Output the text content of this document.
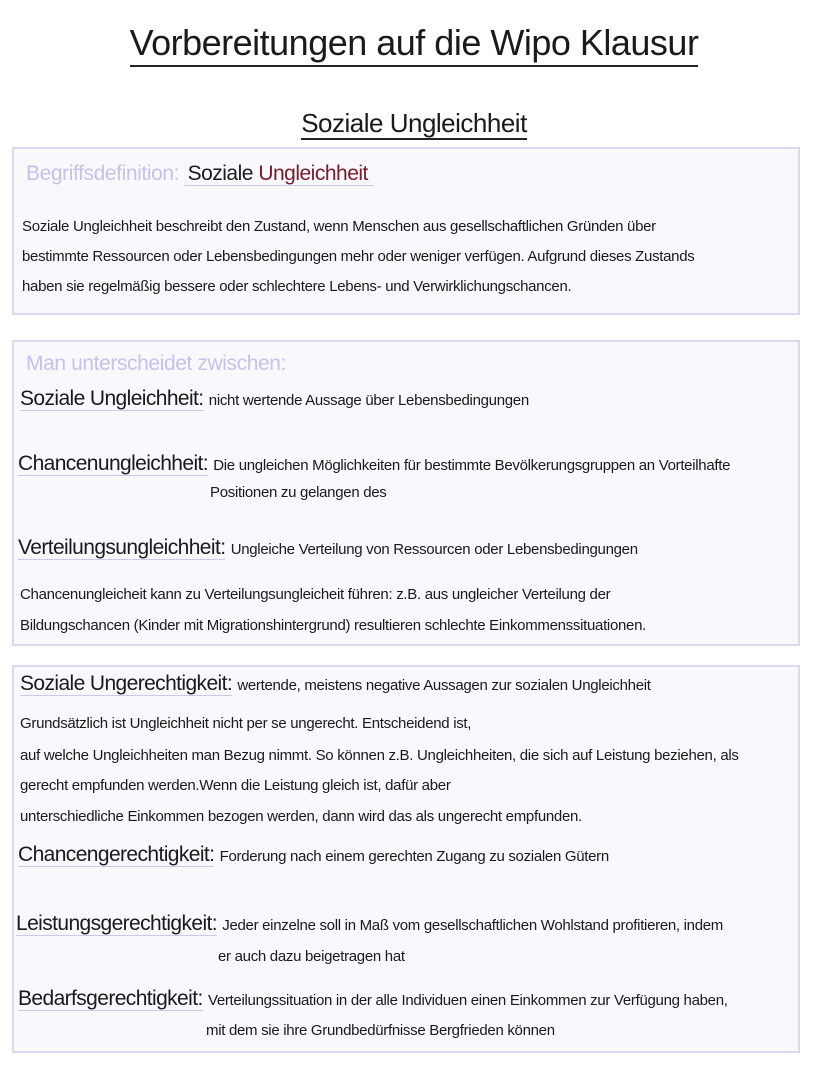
Vorbereitungen auf die Wipo Klausur
Soziale Ungleichheit
Begriffsdefinition: Soziale Ungleichheit
Soziale Ungleichheit beschreibt den Zustand, wenn Menschen aus gesellschaftlichen Gründen über
bestimmte Ressourcen oder Lebensbedingungen mehr oder weniger verfügen. Aufgrund dieses Zustands
haben sie regelmäßig bessere oder schlechtere Lebens- und Verwirklichungschancen.
Man unterscheidet zwischen:
Soziale Ungleichheit: nicht wertende Aussage über Lebensbedingungen
Chancenungleichheit: Die ungleichen Möglichkeiten für bestimmte Bevölkerungsgruppen an Vorteilhafte
Positionen zu gelangen des
Verteilungsungleichheit: Ungleiche Verteilung von Ressourcen oder Lebensbedingungen
Chancenungleicheit kann zu Verteilungsungleicheit führen: z.B. aus ungleicher Verteilung der
Bildungschancen (Kinder mit Migrationshintergrund) resultieren schlechte Einkommenssituationen.
Soziale Ungerechtigkeit: wertende, meistens negative Aussagen zur sozialen Ungleichheit
Grundsätzlich ist Ungleichheit nicht per se ungerecht. Entscheidend ist,
auf welche Ungleichheiten man Bezug nimmt. So können z.B. Ungleichheiten, die sich auf Leistung beziehen, als
gerecht empfunden werden.Wenn die Leistung gleich ist, dafür aber
unterschiedliche Einkommen bezogen werden, dann wird das als ungerecht empfunden.
Chancengerechtigkeit: Forderung nach einem gerechten Zugang zu sozialen Gütern
Leistungsgerechtigkeit: Jeder einzelne soll in Maß vom gesellschaftlichen Wohlstand profitieren, indem
er auch dazu beigetragen hat
Bedarfsgerechtigkeit: Verteilungssituation in der alle Individuen einen Einkommen zur Verfügung haben,
mit dem sie ihre Grundbedürfnisse Bergfrieden können
